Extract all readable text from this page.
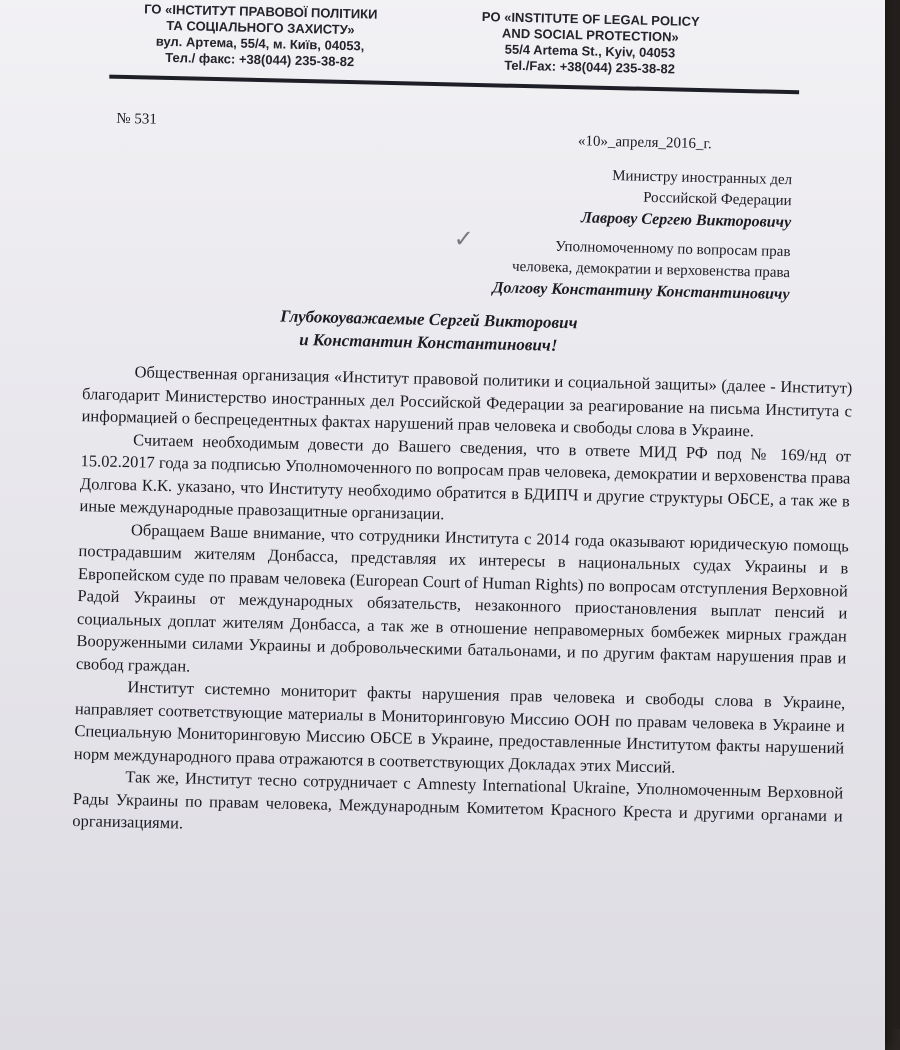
ГО «ІНСТИТУТ ПРАВОВОЇ ПОЛІТИКИ
ТА СОЦІАЛЬНОГО ЗАХИСТУ»
вул. Артема, 55/4, м. Київ, 04053,
Тел./ факс: +38(044) 235-38-82
PO «INSTITUTE OF LEGAL POLICY
AND SOCIAL PROTECTION»
55/4 Artema St., Kyiv, 04053
Tel./Fax: +38(044) 235-38-82
№ 531
«10»_апреля_2016_г.
Министру иностранных дел
Российской Федерации
Лаврову Сергею Викторовичу
✓	Уполномоченному по вопросам прав
человека, демократии и верховенства права
Долгову Константину Константиновичу
Глубокоуважаемые Сергей Викторович
и Константин Константинович!

Общественная организация «Институт правовой политики и социальной защиты» (далее - Институт) благодарит Министерство иностранных дел Российской Федерации за реагирование на письма Института с информацией о беспрецедентных фактах нарушений прав человека и свободы слова в Украине.

Считаем необходимым довести до Вашего сведения, что в ответе МИД РФ под № 169/нд от 15.02.2017 года за подписью Уполномоченного по вопросам прав человека, демократии и верховенства права Долгова К.К. указано, что Институту необходимо обратится в БДИПЧ и другие структуры ОБСЕ, а так же в иные международные правозащитные организации.

Обращаем Ваше внимание, что сотрудники Института с 2014 года оказывают юридическую помощь пострадавшим жителям Донбасса, представляя их интересы в национальных судах Украины и в Европейском суде по правам человека (European Court of Human Rights) по вопросам отступления Верховной Радой Украины от международных обязательств, незаконного приостановления выплат пенсий и социальных доплат жителям Донбасса, а так же в отношение неправомерных бомбежек мирных граждан Вооруженными силами Украины и добровольческими батальонами, и по другим фактам нарушения прав и свобод граждан.

Институт системно мониторит факты нарушения прав человека и свободы слова в Украине, направляет соответствующие материалы в Мониторинговую Миссию ООН по правам человека в Украине и Специальную Мониторинговую Миссию ОБСЕ в Украине, предоставленные Институтом факты нарушений норм международного права отражаются в соответствующих Докладах этих Миссий.

Так же, Институт тесно сотрудничает с Amnesty International Ukraine, Уполномоченным Верховной Рады Украины по правам человека, Международным Комитетом Красного Креста и другими органами и организациями.
